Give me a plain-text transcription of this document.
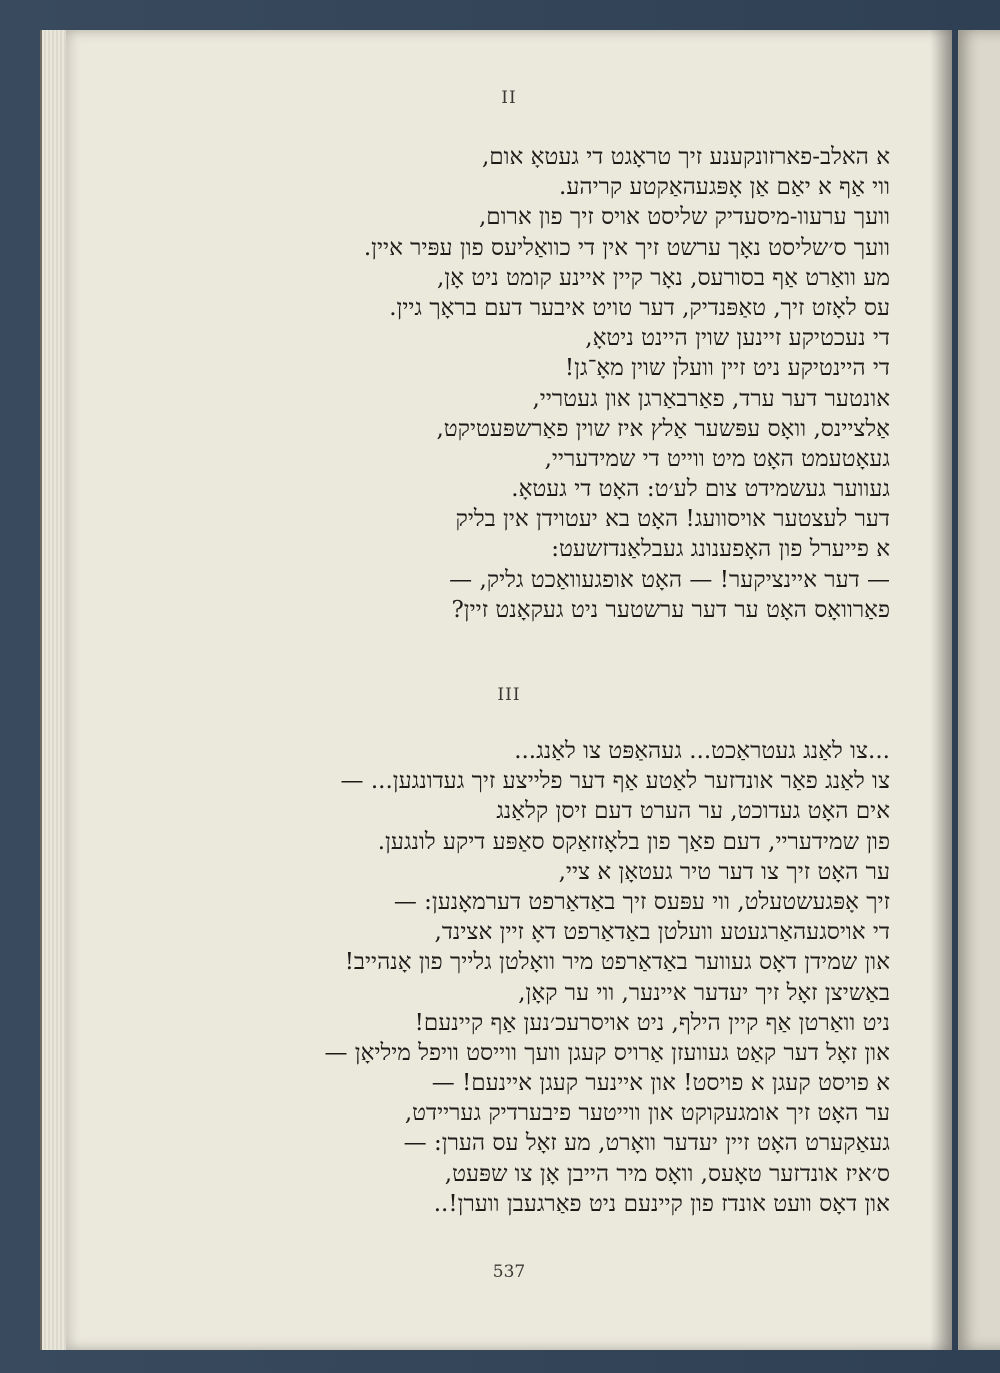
II
א האלב-פארזונקענע זיך טראָגט די געטאָ אום,
ווי אַף א יאַם אַן אָפּגעהאַקטע קריהע.
וועך ערעוו-מיסעדיק שליסט אויס זיך פון ארום,
וועך ס׳שליסט נאָך ערשט זיך אין די כוואַליעס פון עפּיר איין.
מע וואַרט אַף בסורעס, נאָר קיין איינע קומט ניט אָן,
עס לאָזט זיך, טאַפּנדיק, דער טויט איבער דעם בראָך גיין.
די נעכטיקע זיינען שוין היינט ניטאָ,
די היינטיקע ניט זיין וועלן שוין מאָ־גן!
אונטער דער ערד, פאַרבאַרגן און געטריי,
אַלציינס, וואָס עפּשער אַלץ איז שוין פאַרשפּעטיקט,
געאָטעמט האָט מיט ווייט די שמידעריי,
געווער געשמידט צום לע׳ט: האָט די געטאָ.
דער לעצטער אויסוועג! האָט בא יעטוידן אין בליק
א פייערל פון האָפענונג געבלאַנדזשעט:
— דער איינציקער! — האָט אופגעוואַכט גליק, —
פאַרוואָס האָט ער דער ערשטער ניט געקאָנט זיין?
III
...צו לאַנג געטראַכט... געהאַפּט צו לאַנג...
צו לאַנג פאַר אונדזער לאַטע אַף דער פלייצע זיך געדונגען... —
אים האָט געדוכט, ער הערט דעם זיסן קלאַנג
פון שמידעריי, דעם פאַך פון בלאָזזאַקס סאַפּע דיקע לונגען.
ער האָט זיך צו דער טיר געטאָן א ציי,
זיך אָפּגעשטעלט, ווי עפּעס זיך באַדאַרפט דערמאָנען: —
די אויסגעהאַרגעטע וועלטן באַדאַרפט דאָ זיין אצינד,
און שמידן דאָס געווער באַדאַרפט מיר וואָלטן גלייך פון אָנהייב!
באַשיצן זאָל זיך יעדער איינער, ווי ער קאָן,
ניט וואַרטן אַף קיין הילף, ניט אויסרעכ׳נען אַף קיינעם!
און זאָל דער קאַט געוועזן אַרויס קעגן וועך ווייסט וויפל מיליאָן —
א פויסט קעגן א פויסט! און איינער קעגן איינעם! —
ער האָט זיך אומגעקוקט און ווייטער פיבערדיק געריידט,
געאַקערט האָט זיין יעדער וואָרט, מע זאָל עס הערן: —
ס׳איז אונדזער טאָעס, וואָס מיר הייבן אָן צו שפּעט,
און דאָס וועט אונדז פון קיינעם ניט פאַרגעבן ווערן!..
537
